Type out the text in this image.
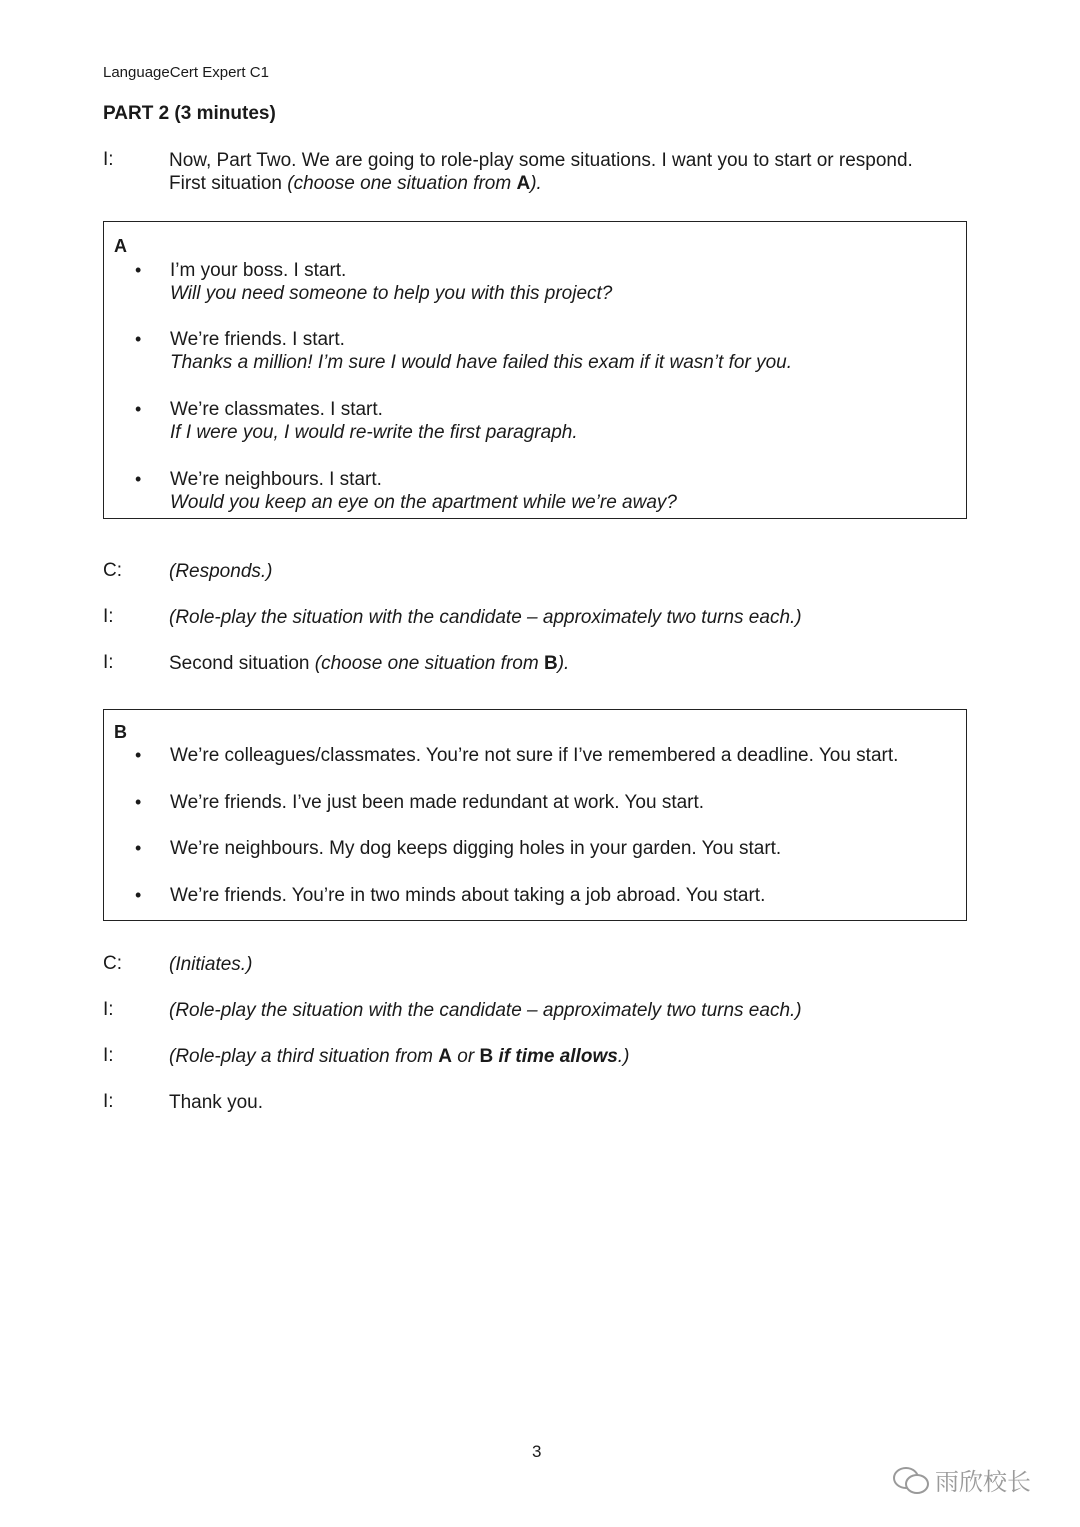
LanguageCert Expert C1
PART 2 (3 minutes)
I:	Now, Part Two. We are going to role-play some situations. I want you to start or respond.
First situation (choose one situation from A).
A
• I’m your boss. I start.
Will you need someone to help you with this project?
• We’re friends. I start.
Thanks a million! I’m sure I would have failed this exam if it wasn’t for you.
• We’re classmates. I start.
If I were you, I would re-write the first paragraph.
• We’re neighbours. I start.
Would you keep an eye on the apartment while we’re away?
C: (Responds.)
I:	(Role-play the situation with the candidate – approximately two turns each.)
I:	Second situation (choose one situation from B).
B
• We’re colleagues/classmates. You’re not sure if I’ve remembered a deadline. You start.
• We’re friends. I’ve just been made redundant at work. You start.
• We’re neighbours. My dog keeps digging holes in your garden. You start.
• We’re friends. You’re in two minds about taking a job abroad. You start.
C: (Initiates.)
I:	(Role-play the situation with the candidate – approximately two turns each.)
I:	(Role-play a third situation from A or B if time allows.)
I:	Thank you.
3
雨欣校长
